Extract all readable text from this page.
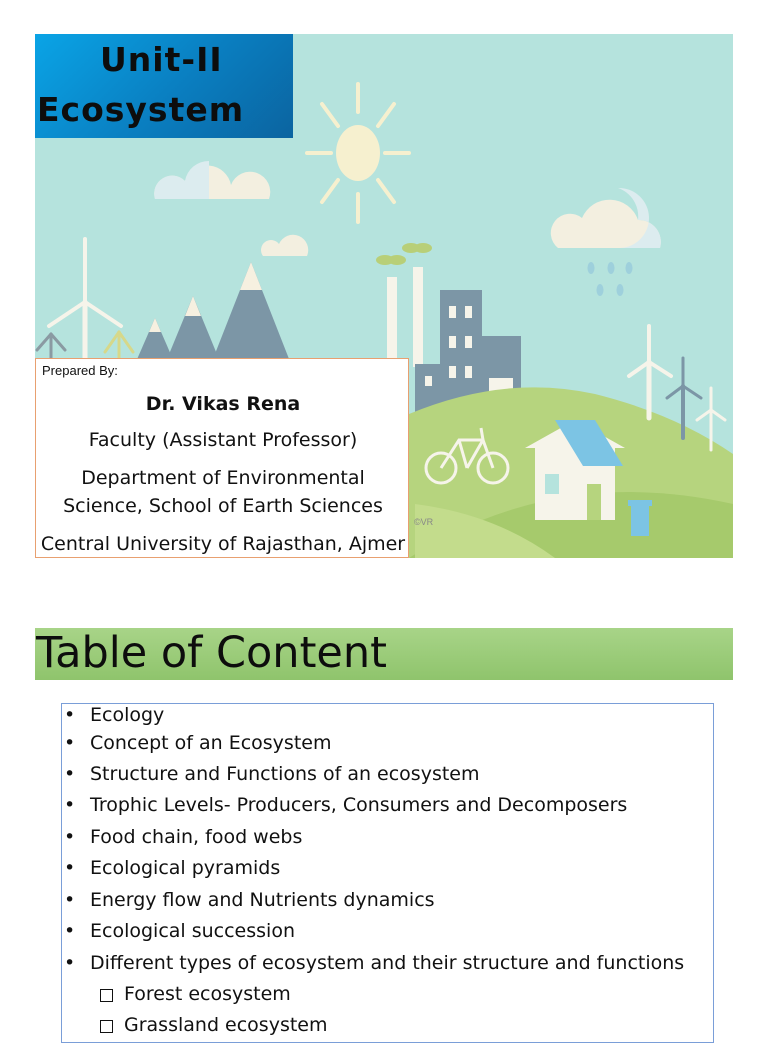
Unit-II
Ecosystem
Prepared By:
Dr. Vikas Rena
Faculty (Assistant Professor)
Department of Environmental
Science, School of Earth Sciences
Central University of Rajasthan, Ajmer
©VR
Table of Content
• Ecology
• Concept of an Ecosystem
• Structure and Functions of an ecosystem
• Trophic Levels- Producers, Consumers and Decomposers
• Food chain, food webs
• Ecological pyramids
• Energy flow and Nutrients dynamics
• Ecological succession
• Different types of ecosystem and their structure and functions
Forest ecosystem
Grassland ecosystem
